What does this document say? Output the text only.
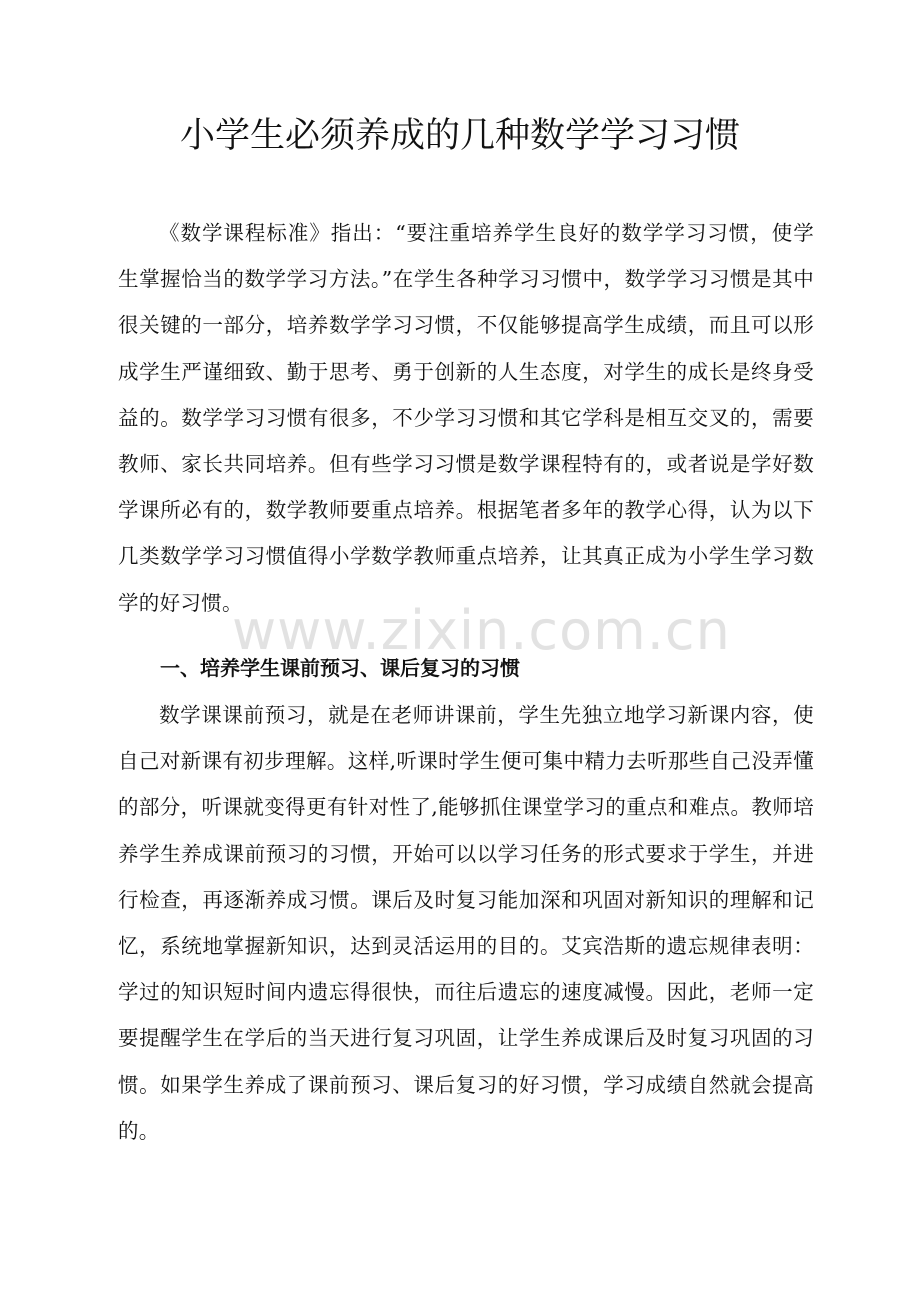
小学生必须养成的几种数学学习习惯

《数学课程标准》指出：“要注重培养学生良好的数学学习习惯，使学生掌握恰当的数学学习方法。”在学生各种学习习惯中，数学学习习惯是其中很关键的一部分，培养数学学习习惯，不仅能够提高学生成绩，而且可以形成学生严谨细致、勤于思考、勇于创新的人生态度，对学生的成长是终身受益的。数学学习习惯有很多，不少学习习惯和其它学科是相互交叉的，需要教师、家长共同培养。但有些学习习惯是数学课程特有的，或者说是学好数学课所必有的，数学教师要重点培养。根据笔者多年的教学心得，认为以下几类数学学习习惯值得小学数学教师重点培养，让其真正成为小学生学习数学的好习惯。

一、培养学生课前预习、课后复习的习惯

数学课课前预习，就是在老师讲课前，学生先独立地学习新课内容，使自己对新课有初步理解。这样,听课时学生便可集中精力去听那些自己没弄懂的部分，听课就变得更有针对性了,能够抓住课堂学习的重点和难点。教师培养学生养成课前预习的习惯，开始可以以学习任务的形式要求于学生，并进行检查，再逐渐养成习惯。课后及时复习能加深和巩固对新知识的理解和记忆，系统地掌握新知识，达到灵活运用的目的。艾宾浩斯的遗忘规律表明：学过的知识短时间内遗忘得很快，而往后遗忘的速度减慢。因此，老师一定要提醒学生在学后的当天进行复习巩固，让学生养成课后及时复习巩固的习惯。如果学生养成了课前预习、课后复习的好习惯，学习成绩自然就会提高的。

www.zixin.com.cn
